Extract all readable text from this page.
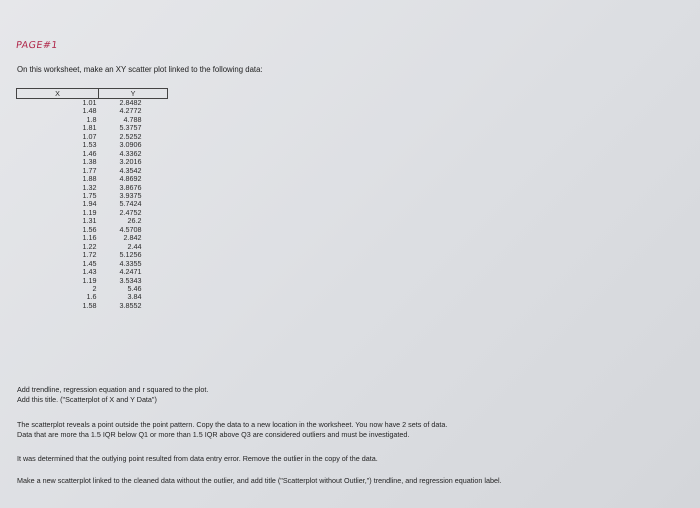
PAGE#1
On this worksheet, make an XY scatter plot linked to the following data:
X	Y
1.01	2.8482
1.48	4.2772
1.8	4.788
1.81	5.3757
1.07	2.5252
1.53	3.0906
1.46	4.3362
1.38	3.2016
1.77	4.3542
1.88	4.8692
1.32	3.8676
1.75	3.9375
1.94	5.7424
1.19	2.4752
1.31	26.2
1.56	4.5708
1.16	2.842
1.22	2.44
1.72	5.1256
1.45	4.3355
1.43	4.2471
1.19	3.5343
2	5.46
1.6	3.84
1.58	3.8552
Add trendline, regression equation and r squared to the plot.
Add this title. ("Scatterplot of X and Y Data")
The scatterplot reveals a point outside the point pattern. Copy the data to a new location in the worksheet. You now have 2 sets of data.
Data that are more tha 1.5 IQR below Q1 or more than 1.5 IQR above Q3 are considered outliers and must be investigated.
It was determined that the outlying point resulted from data entry error. Remove the outlier in the copy of the data.
Make a new scatterplot linked to the cleaned data without the outlier, and add title ("Scatterplot without Outlier,") trendline, and regression equation label.
